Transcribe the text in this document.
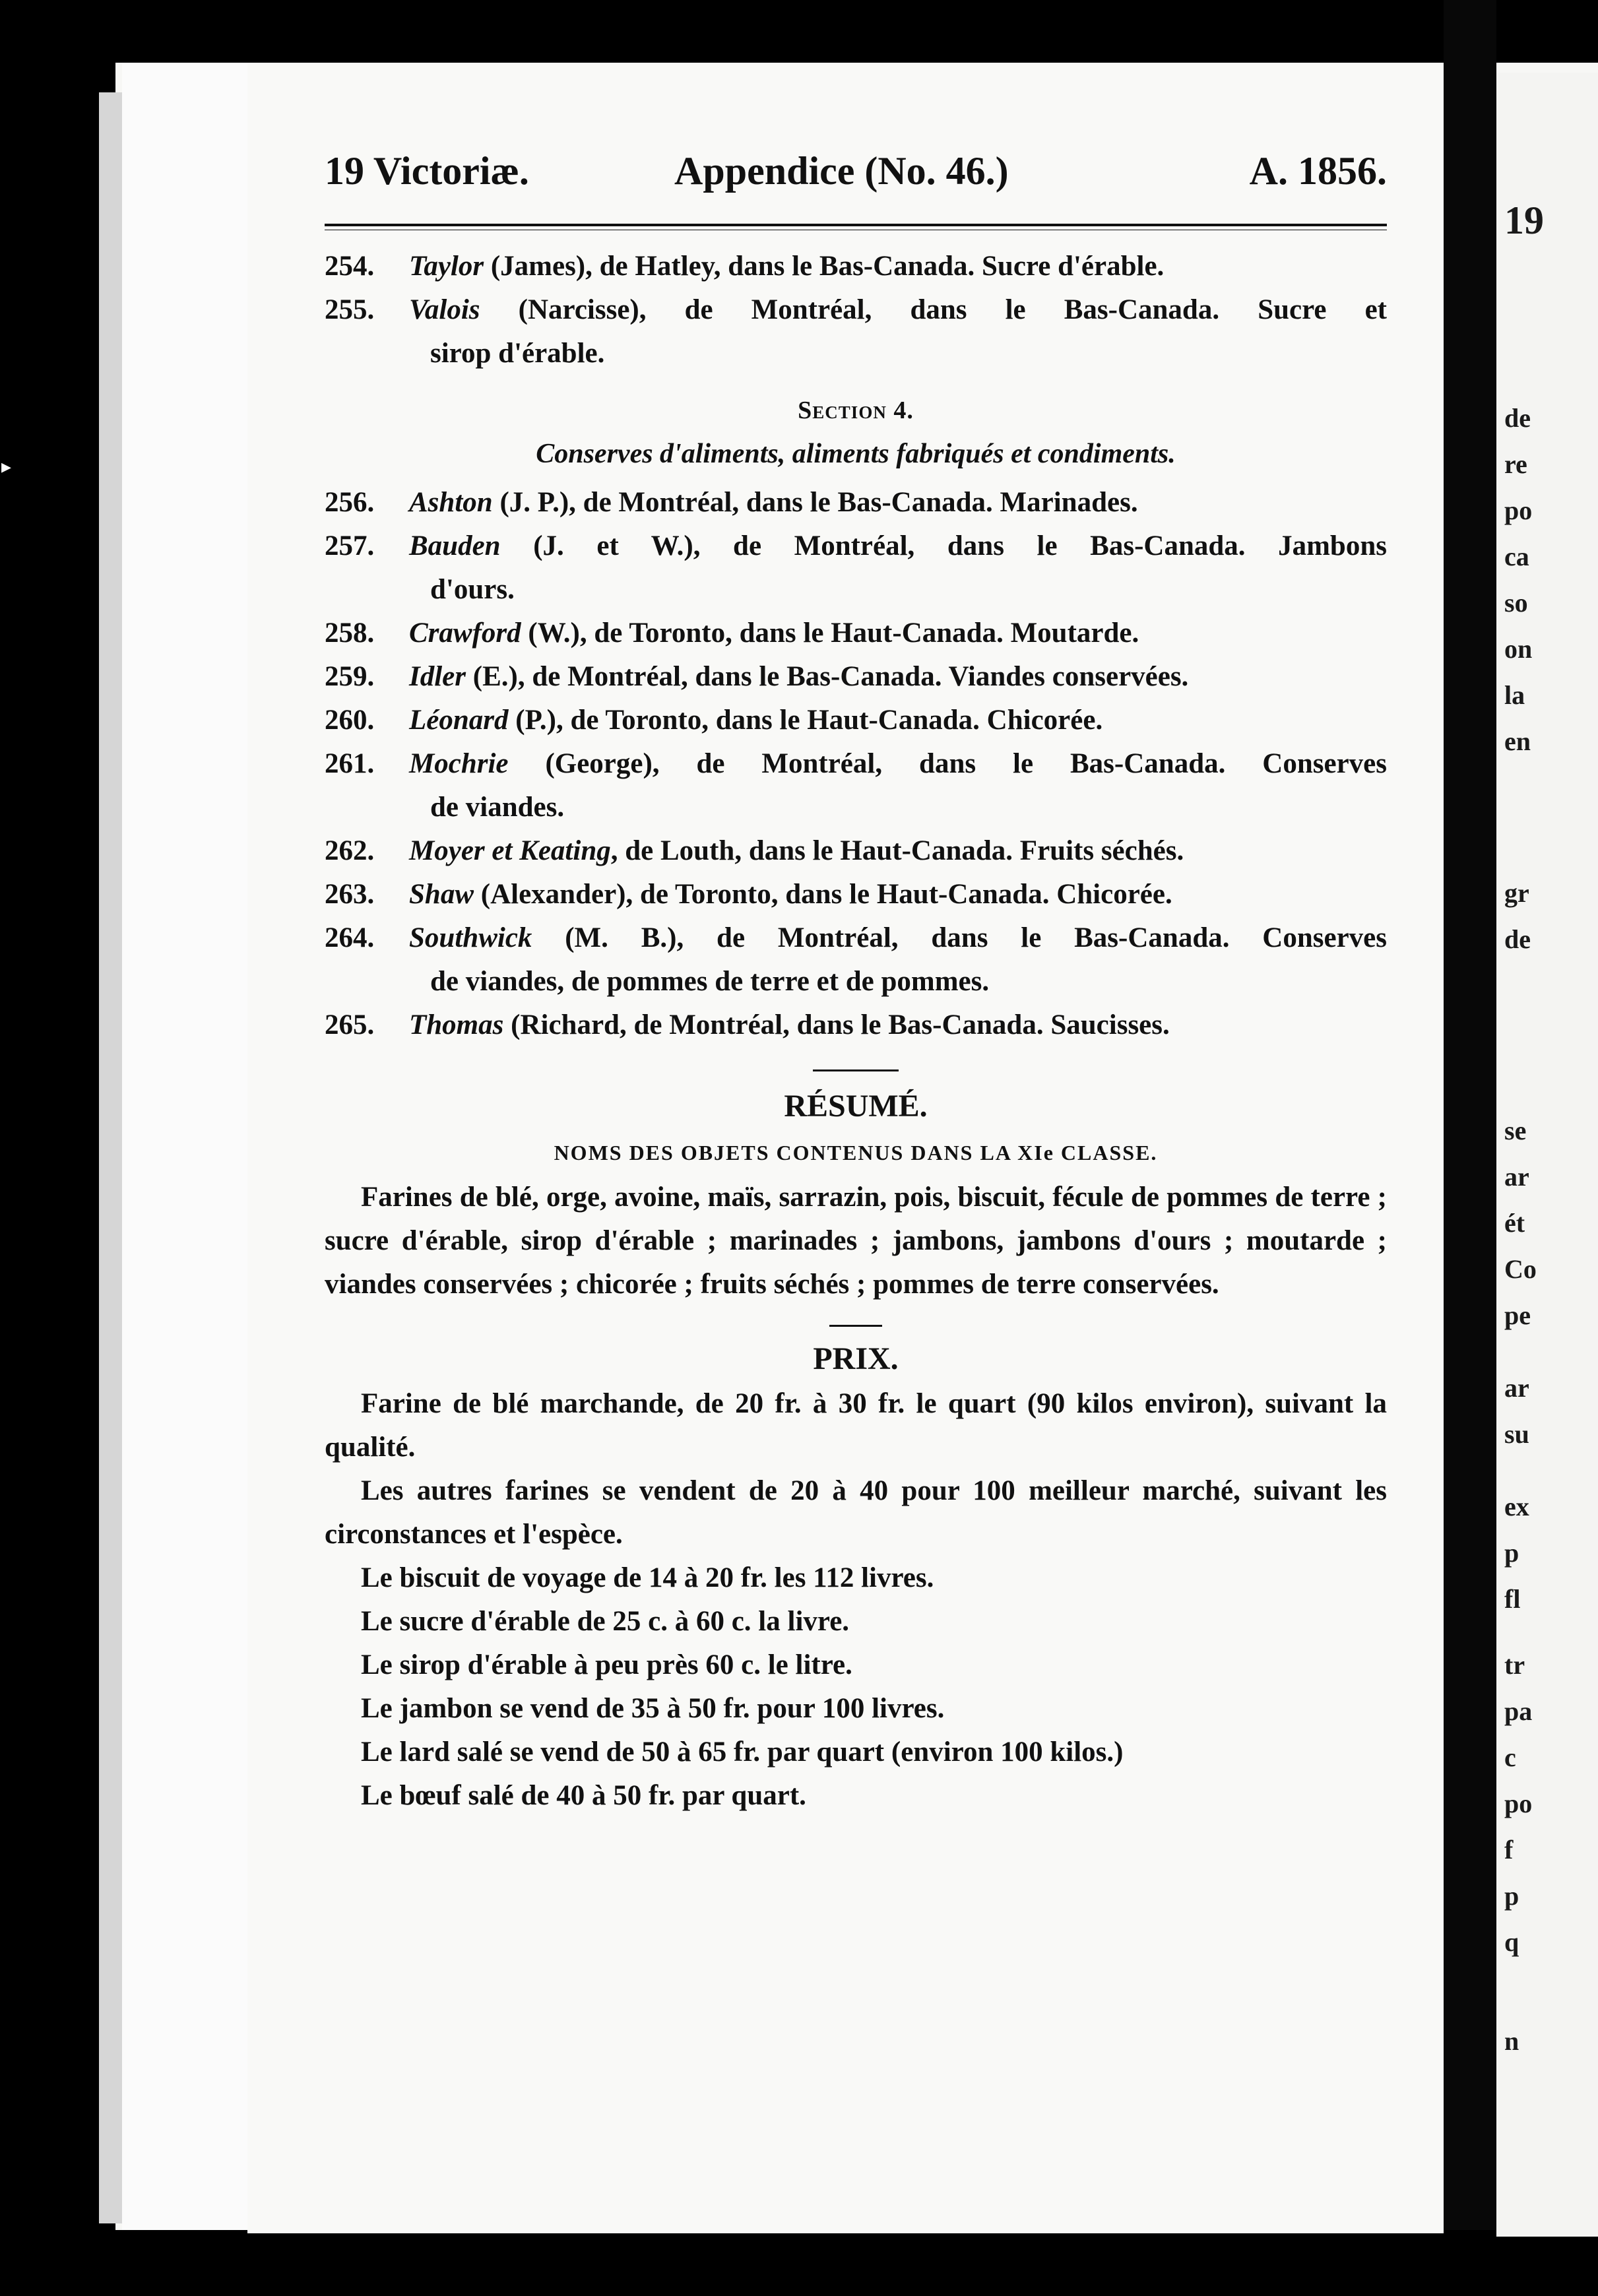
▸
19
de
re
po
ca
so
on
la
en
gr
de
se
ar
ét
Co
pe
ar
su
ex
p
fl
tr
pa
c
po
f
p
q
n
19 Victoriæ.	Appendice (No. 46.)	A. 1856.
254. Taylor (James), de Hatley, dans le Bas-Canada. Sucre d'érable.
255. Valois (Narcisse), de Montréal, dans le Bas-Canada. Sucre et
sirop d'érable.
Section 4.
Conserves d'aliments, aliments fabriqués et condiments.
256. Ashton (J. P.), de Montréal, dans le Bas-Canada. Marinades.
257. Bauden (J. et W.), de Montréal, dans le Bas-Canada. Jambons
d'ours.
258. Crawford (W.), de Toronto, dans le Haut-Canada. Moutarde.
259. Idler (E.), de Montréal, dans le Bas-Canada. Viandes conservées.
260. Léonard (P.), de Toronto, dans le Haut-Canada. Chicorée.
261. Mochrie (George), de Montréal, dans le Bas-Canada. Conserves
de viandes.
262. Moyer et Keating, de Louth, dans le Haut-Canada. Fruits séchés.
263. Shaw (Alexander), de Toronto, dans le Haut-Canada. Chicorée.
264. Southwick (M. B.), de Montréal, dans le Bas-Canada. Conserves
de viandes, de pommes de terre et de pommes.
265. Thomas (Richard, de Montréal, dans le Bas-Canada. Saucisses.
RÉSUMÉ.
NOMS DES OBJETS CONTENUS DANS LA XIe CLASSE.
Farines de blé, orge, avoine, maïs, sarrazin, pois, biscuit, fécule de pommes de terre ; sucre d'érable, sirop d'érable ; marinades ; jambons, jambons d'ours ; moutarde ; viandes conservées ; chicorée ; fruits séchés ; pommes de terre conservées.
PRIX.
Farine de blé marchande, de 20 fr. à 30 fr. le quart (90 kilos environ), suivant la qualité.
Les autres farines se vendent de 20 à 40 pour 100 meilleur marché, suivant les circonstances et l'espèce.
Le biscuit de voyage de 14 à 20 fr. les 112 livres.
Le sucre d'érable de 25 c. à 60 c. la livre.
Le sirop d'érable à peu près 60 c. le litre.
Le jambon se vend de 35 à 50 fr. pour 100 livres.
Le lard salé se vend de 50 à 65 fr. par quart (environ 100 kilos.)
Le bœuf salé de 40 à 50 fr. par quart.
